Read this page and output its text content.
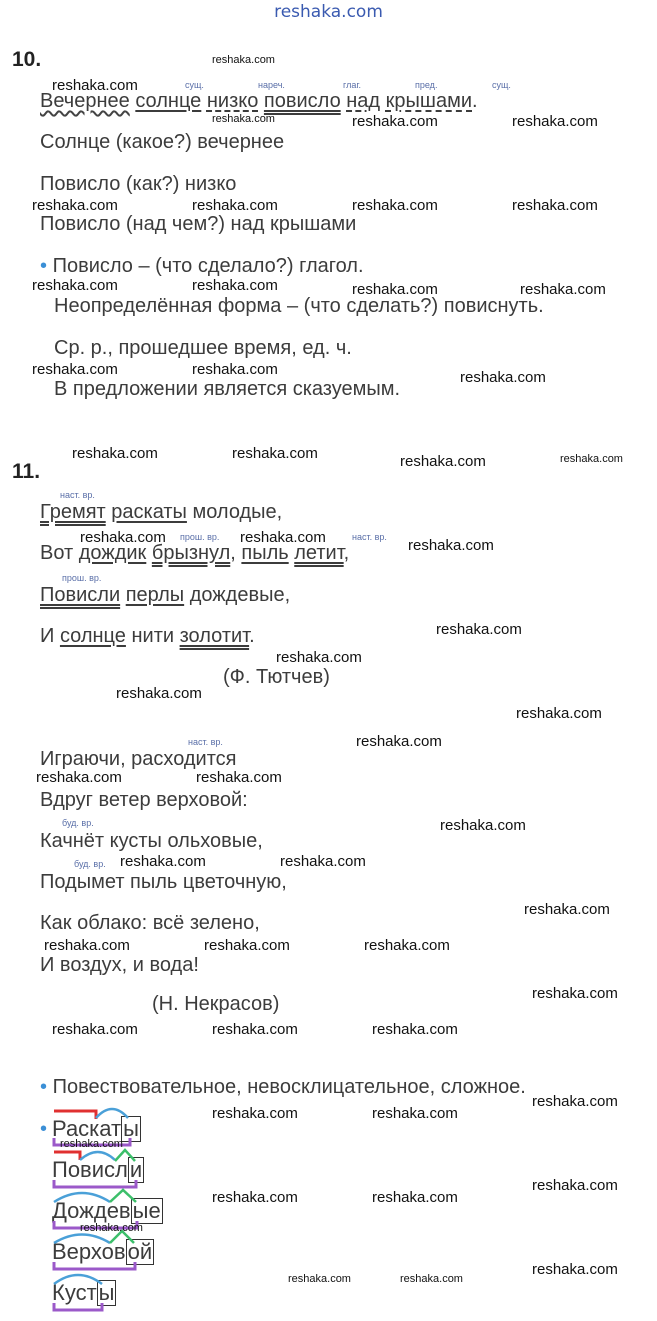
reshaka.com
10.
сущ.	нареч.	глаг.	пред.	сущ.
Вечернее солнце низко повисло над крышами.
Солнце (какое?) вечернее
Повисло (как?) низко
Повисло (над чем?) над крышами
• Повисло – (что сделало?) глагол.
Неопределённая форма – (что сделать?) повиснуть.
Ср. р., прошедшее время, ед. ч.
В предложении является сказуемым.
11.
наст. вр.
Гремят раскаты молодые,
прош. вр.	наст. вр.
Вот дождик брызнул, пыль летит,
прош. вр.
Повисли перлы дождевые,
И солнце нити золотит.
(Ф. Тютчев)
наст. вр.
Играючи, расходится
Вдруг ветер верховой:
буд. вр.
Качнёт кусты ольховые,
буд. вр.
Подымет пыль цветочную,
Как облако: всё зелено,
И воздух, и вода!
(Н. Некрасов)
• Повествовательное, невосклицательное, сложное.
• Раскаты
Повисли
Дождевые
Верховой
Кусты
reshaka.com
reshaka.com
reshaka.com	reshaka.com	reshaka.com
reshaka.com	reshaka.com	reshaka.com	reshaka.com
reshaka.com	reshaka.com	reshaka.com	reshaka.com
reshaka.com	reshaka.com	reshaka.com
reshaka.com	reshaka.com	reshaka.com	reshaka.com
reshaka.com	reshaka.com	reshaka.com
reshaka.com
reshaka.com
reshaka.com
reshaka.com
reshaka.com
reshaka.com	reshaka.com
reshaka.com
reshaka.com	reshaka.com
reshaka.com
reshaka.com	reshaka.com	reshaka.com
reshaka.com
reshaka.com	reshaka.com	reshaka.com
reshaka.com
reshaka.com	reshaka.com
reshaka.com
reshaka.com
reshaka.com	reshaka.com
reshaka.com
reshaka.com
reshaka.com	reshaka.com
